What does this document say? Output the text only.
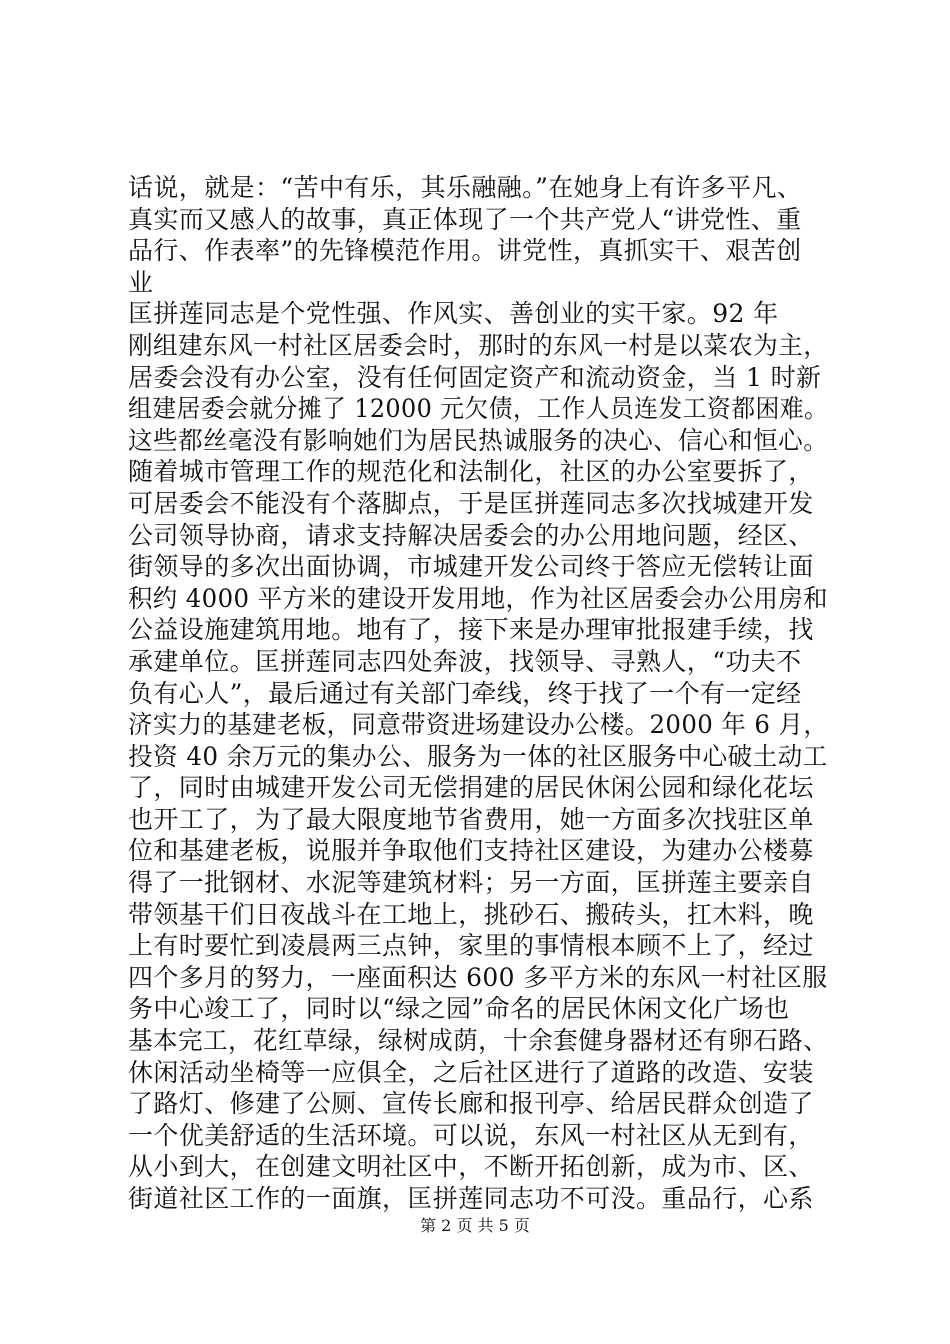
话说，就是：“苦中有乐，其乐融融。”在她身上有许多平凡、
真实而又感人的故事，真正体现了一个共产党人“讲党性、重
品行、作表率”的先锋模范作用。讲党性，真抓实干、艰苦创
业
匡拼莲同志是个党性强、作风实、善创业的实干家。92 年
刚组建东风一村社区居委会时，那时的东风一村是以菜农为主，
居委会没有办公室，没有任何固定资产和流动资金，当 1 时新
组建居委会就分摊了 12000 元欠债，工作人员连发工资都困难。
这些都丝毫没有影响她们为居民热诚服务的决心、信心和恒心。
随着城市管理工作的规范化和法制化，社区的办公室要拆了，
可居委会不能没有个落脚点，于是匡拼莲同志多次找城建开发
公司领导协商，请求支持解决居委会的办公用地问题，经区、
街领导的多次出面协调，市城建开发公司终于答应无偿转让面
积约 4000 平方米的建设开发用地，作为社区居委会办公用房和
公益设施建筑用地。地有了，接下来是办理审批报建手续，找
承建单位。匡拼莲同志四处奔波，找领导、寻熟人，“功夫不
负有心人”，最后通过有关部门牵线，终于找了一个有一定经
济实力的基建老板，同意带资进场建设办公楼。2000 年 6 月，
投资 40 余万元的集办公、服务为一体的社区服务中心破土动工
了，同时由城建开发公司无偿捐建的居民休闲公园和绿化花坛
也开工了，为了最大限度地节省费用，她一方面多次找驻区单
位和基建老板，说服并争取他们支持社区建设，为建办公楼募
得了一批钢材、水泥等建筑材料；另一方面，匡拼莲主要亲自
带领基干们日夜战斗在工地上，挑砂石、搬砖头，扛木料，晚
上有时要忙到凌晨两三点钟，家里的事情根本顾不上了，经过
四个多月的努力，一座面积达 600 多平方米的东风一村社区服
务中心竣工了，同时以“绿之园”命名的居民休闲文化广场也
基本完工，花红草绿，绿树成荫，十余套健身器材还有卵石路、
休闲活动坐椅等一应俱全，之后社区进行了道路的改造、安装
了路灯、修建了公厕、宣传长廊和报刊亭、给居民群众创造了
一个优美舒适的生活环境。可以说，东风一村社区从无到有，
从小到大，在创建文明社区中，不断开拓创新，成为市、区、
街道社区工作的一面旗，匡拼莲同志功不可没。重品行，心系
第 2 页 共 5 页
